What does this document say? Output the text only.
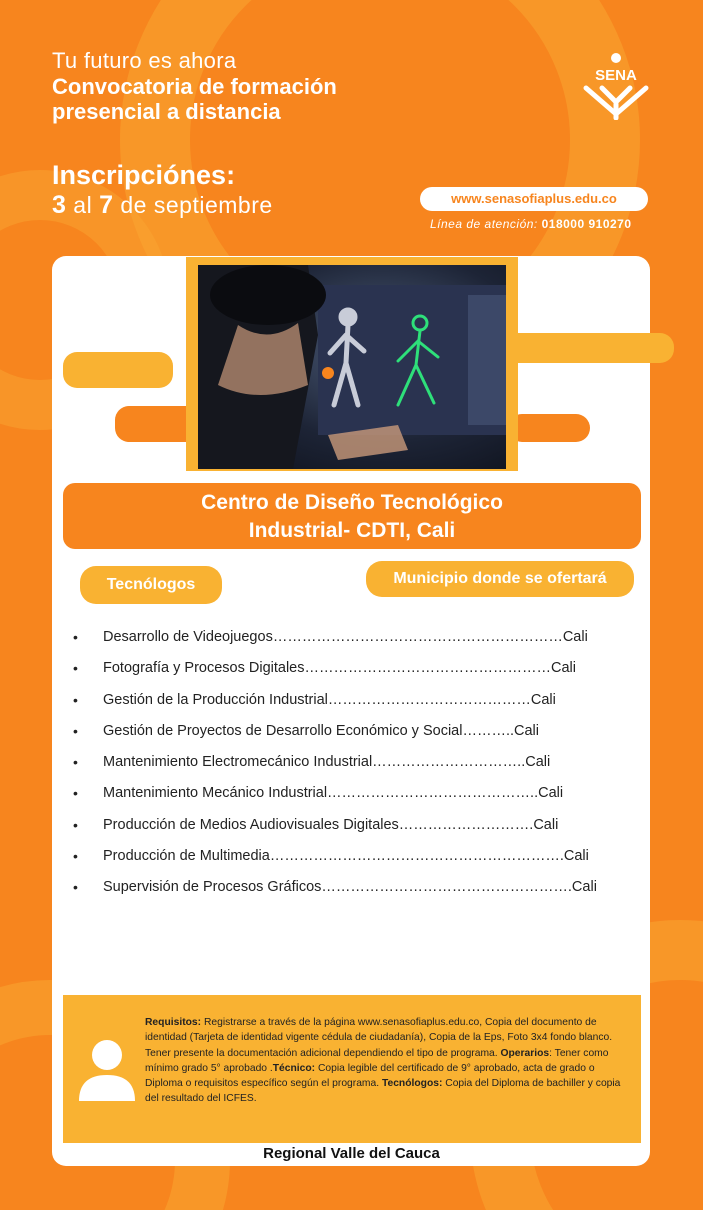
Tu futuro es ahora
Convocatoria de formación
presencial a distancia
Inscripciónes:
3 al 7 de septiembre
SENA
www.senasofiaplus.edu.co
Línea de atención: 018000 910270
Centro de Diseño Tecnológico
Industrial- CDTI, Cali
Tecnólogos	Municipio donde se ofertará
• Desarrollo de Videojuegos……………………………………………………Cali
• Fotografía y Procesos Digitales……………………………………………Cali
• Gestión de la Producción Industrial……………………………………Cali
• Gestión de Proyectos de Desarrollo Económico y Social………..Cali
• Mantenimiento Electromecánico Industrial…………………………..Cali
• Mantenimiento Mecánico Industrial……………………………………..Cali
• Producción de Medios Audiovisuales Digitales……………………….Cali
• Producción de Multimedia…………………………………………………….Cali
• Supervisión de Procesos Gráficos…………………………………………….Cali
Requisitos: Registrarse a través de la página www.senasofiaplus.edu.co, Copia del documento de identidad (Tarjeta de identidad vigente cédula de ciudadanía), Copia de la Eps, Foto 3x4 fondo blanco. Tener presente la documentación adicional dependiendo el tipo de programa. Operarios: Tener como mínimo grado 5° aprobado .Técnico: Copia legible del certificado de 9° aprobado, acta de grado o Diploma o requisitos específico según el programa. Tecnólogos: Copia del Diploma de bachiller y copia del resultado del ICFES.
Regional Valle del Cauca
